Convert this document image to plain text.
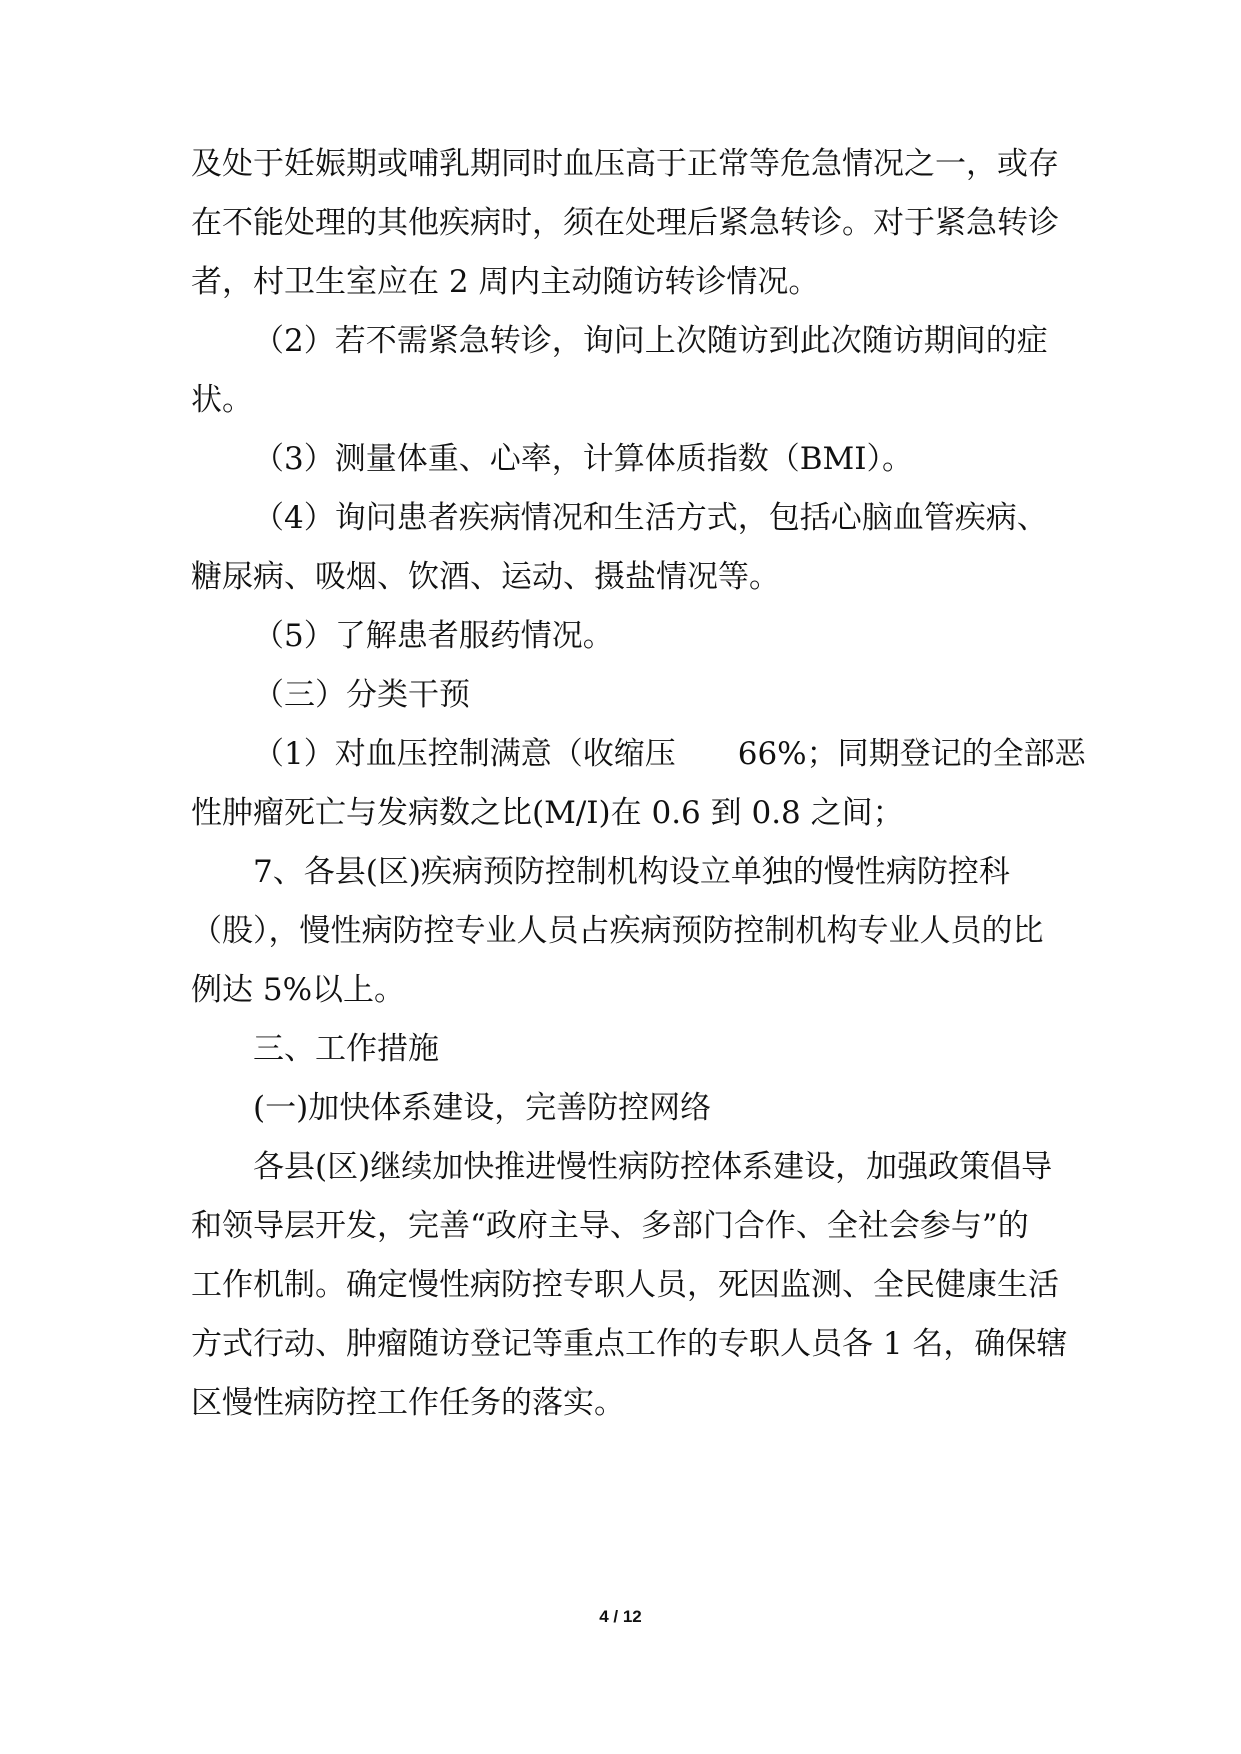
及处于妊娠期或哺乳期同时血压高于正常等危急情况之一，或存

在不能处理的其他疾病时，须在处理后紧急转诊。对于紧急转诊

者，村卫生室应在 2 周内主动随访转诊情况。

（2）若不需紧急转诊，询问上次随访到此次随访期间的症

状。

（3）测量体重、心率，计算体质指数（BMI）。

（4）询问患者疾病情况和生活方式，包括心脑血管疾病、

糖尿病、吸烟、饮酒、运动、摄盐情况等。

（5）了解患者服药情况。

（三）分类干预

（1）对血压控制满意（收缩压　　66%；同期登记的全部恶

性肿瘤死亡与发病数之比(M/I)在 0.6 到 0.8 之间；

7、各县(区)疾病预防控制机构设立单独的慢性病防控科

（股），慢性病防控专业人员占疾病预防控制机构专业人员的比

例达 5%以上。

三、工作措施

(一)加快体系建设，完善防控网络

各县(区)继续加快推进慢性病防控体系建设，加强政策倡导

和领导层开发，完善“政府主导、多部门合作、全社会参与”的

工作机制。确定慢性病防控专职人员，死因监测、全民健康生活

方式行动、肿瘤随访登记等重点工作的专职人员各 1 名，确保辖

区慢性病防控工作任务的落实。

4 / 12
